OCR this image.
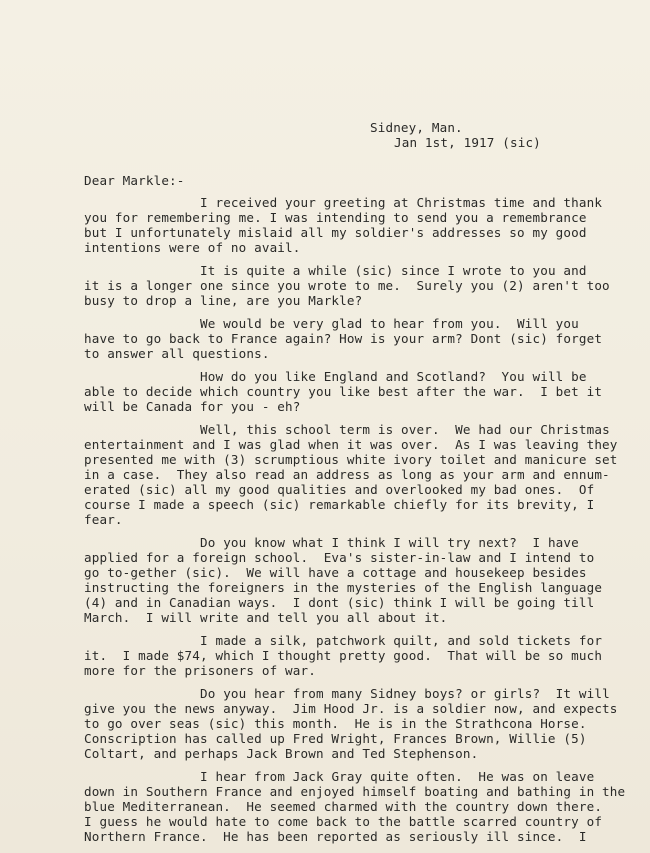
Sidney, Man.
Jan 1st, 1917 (sic)
Dear Markle:-
I received your greeting at Christmas time and thank
you for remembering me. I was intending to send you a remembrance
but I unfortunately mislaid all my soldier's addresses so my good
intentions were of no avail.
It is quite a while (sic) since I wrote to you and
it is a longer one since you wrote to me.  Surely you (2) aren't too
busy to drop a line, are you Markle?
We would be very glad to hear from you.  Will you
have to go back to France again? How is your arm? Dont (sic) forget
to answer all questions.
How do you like England and Scotland?  You will be
able to decide which country you like best after the war.  I bet it
will be Canada for you - eh?
Well, this school term is over.  We had our Christmas
entertainment and I was glad when it was over.  As I was leaving they
presented me with (3) scrumptious white ivory toilet and manicure set
in a case.  They also read an address as long as your arm and ennum-
erated (sic) all my good qualities and overlooked my bad ones.  Of
course I made a speech (sic) remarkable chiefly for its brevity, I
fear.
Do you know what I think I will try next?  I have
applied for a foreign school.  Eva's sister-in-law and I intend to
go to-gether (sic).  We will have a cottage and housekeep besides
instructing the foreigners in the mysteries of the English language
(4) and in Canadian ways.  I dont (sic) think I will be going till
March.  I will write and tell you all about it.
I made a silk, patchwork quilt, and sold tickets for
it.  I made $74, which I thought pretty good.  That will be so much
more for the prisoners of war.
Do you hear from many Sidney boys? or girls?  It will
give you the news anyway.  Jim Hood Jr. is a soldier now, and expects
to go over seas (sic) this month.  He is in the Strathcona Horse.
Conscription has called up Fred Wright, Frances Brown, Willie (5)
Coltart, and perhaps Jack Brown and Ted Stephenson.
I hear from Jack Gray quite often.  He was on leave
down in Southern France and enjoyed himself boating and bathing in the
blue Mediterranean.  He seemed charmed with the country down there.
I guess he would hate to come back to the battle scarred country of
Northern France.  He has been reported as seriously ill since.  I
